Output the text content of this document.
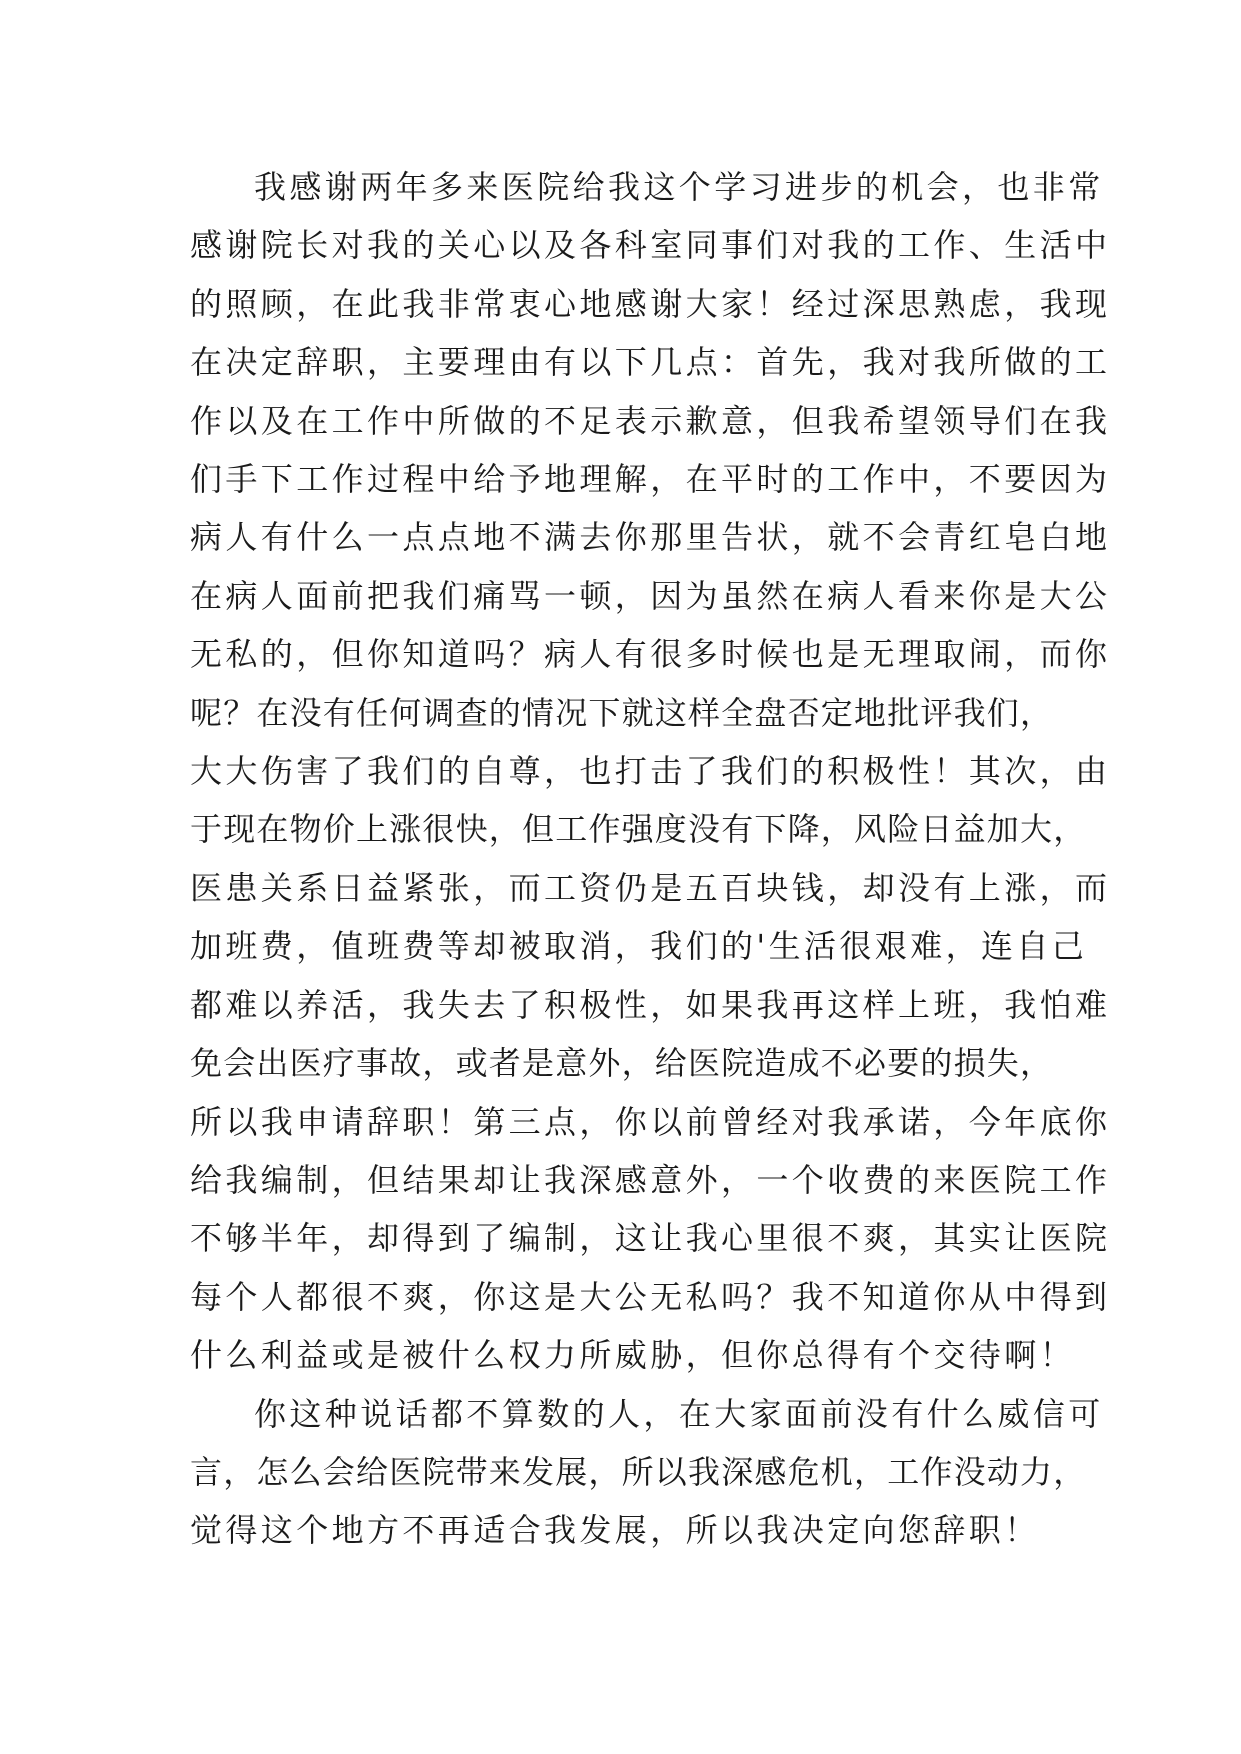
我感谢两年多来医院给我这个学习进步的机会，也非常
感谢院长对我的关心以及各科室同事们对我的工作、生活中
的照顾，在此我非常衷心地感谢大家！经过深思熟虑，我现
在决定辞职，主要理由有以下几点：首先，我对我所做的工
作以及在工作中所做的不足表示歉意，但我希望领导们在我
们手下工作过程中给予地理解，在平时的工作中，不要因为
病人有什么一点点地不满去你那里告状，就不会青红皂白地
在病人面前把我们痛骂一顿，因为虽然在病人看来你是大公
无私的，但你知道吗？病人有很多时候也是无理取闹，而你
呢？在没有任何调查的情况下就这样全盘否定地批评我们，
大大伤害了我们的自尊，也打击了我们的积极性！其次，由
于现在物价上涨很快，但工作强度没有下降，风险日益加大，
医患关系日益紧张，而工资仍是五百块钱，却没有上涨，而
加班费，值班费等却被取消，我们的'生活很艰难，连自己
都难以养活，我失去了积极性，如果我再这样上班，我怕难
免会出医疗事故，或者是意外，给医院造成不必要的损失，
所以我申请辞职！第三点，你以前曾经对我承诺，今年底你
给我编制，但结果却让我深感意外，一个收费的来医院工作
不够半年，却得到了编制，这让我心里很不爽，其实让医院
每个人都很不爽，你这是大公无私吗？我不知道你从中得到
什么利益或是被什么权力所威胁，但你总得有个交待啊！
你这种说话都不算数的人，在大家面前没有什么威信可
言，怎么会给医院带来发展，所以我深感危机，工作没动力，
觉得这个地方不再适合我发展，所以我决定向您辞职！
